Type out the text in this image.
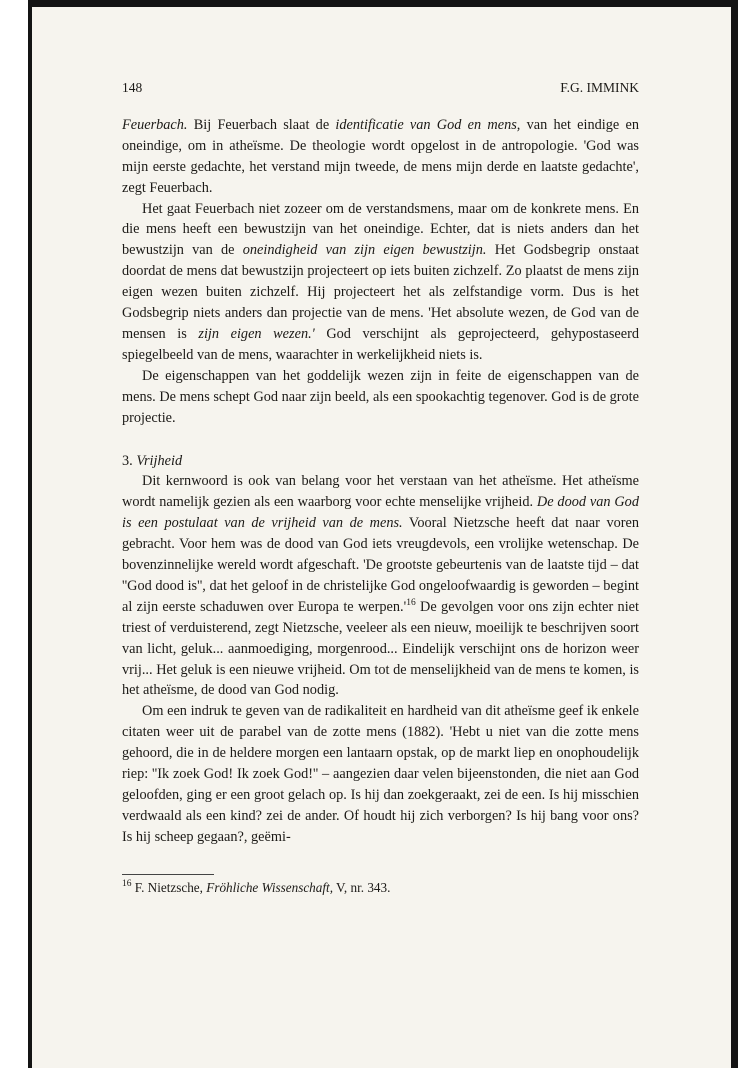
148	F.G. IMMINK

Feuerbach. Bij Feuerbach slaat de identificatie van God en mens, van het eindige en oneindige, om in atheïsme. De theologie wordt opgelost in de antropologie. 'God was mijn eerste gedachte, het verstand mijn tweede, de mens mijn derde en laatste gedachte', zegt Feuerbach.

Het gaat Feuerbach niet zozeer om de verstandsmens, maar om de konkrete mens. En die mens heeft een bewustzijn van het oneindige. Echter, dat is niets anders dan het bewustzijn van de oneindigheid van zijn eigen bewustzijn. Het Godsbegrip onstaat doordat de mens dat bewustzijn projecteert op iets buiten zichzelf. Zo plaatst de mens zijn eigen wezen buiten zichzelf. Hij projecteert het als zelfstandige vorm. Dus is het Godsbegrip niets anders dan projectie van de mens. 'Het absolute wezen, de God van de mensen is zijn eigen wezen.' God verschijnt als geprojecteerd, gehypostaseerd spiegelbeeld van de mens, waarachter in werkelijkheid niets is.

De eigenschappen van het goddelijk wezen zijn in feite de eigenschappen van de mens. De mens schept God naar zijn beeld, als een spookachtig tegenover. God is de grote projectie.

3. Vrijheid

Dit kernwoord is ook van belang voor het verstaan van het atheïsme. Het atheïsme wordt namelijk gezien als een waarborg voor echte menselijke vrijheid. De dood van God is een postulaat van de vrijheid van de mens. Vooral Nietzsche heeft dat naar voren gebracht. Voor hem was de dood van God iets vreugdevols, een vrolijke wetenschap. De bovenzinnelijke wereld wordt afgeschaft. 'De grootste gebeurtenis van de laatste tijd – dat ''God dood is'', dat het geloof in de christelijke God ongeloofwaardig is geworden – begint al zijn eerste schaduwen over Europa te $werpen.'^{16}$ De gevolgen voor ons zijn echter niet triest of verduisterend, zegt Nietzsche, veeleer als een nieuw, moeilijk te beschrijven soort van licht, geluk... aanmoediging, morgenrood... Eindelijk verschijnt ons de horizon weer vrij... Het geluk is een nieuwe vrijheid. Om tot de menselijkheid van de mens te komen, is het atheïsme, de dood van God nodig.

Om een indruk te geven van de radikaliteit en hardheid van dit atheïsme geef ik enkele citaten weer uit de parabel van de zotte mens (1882). 'Hebt u niet van die zotte mens gehoord, die in de heldere morgen een lantaarn opstak, op de markt liep en onophoudelijk riep: ''Ik zoek God! Ik zoek God!'' – aangezien daar velen bijeenstonden, die niet aan God geloofden, ging er een groot gelach op. Is hij dan zoekgeraakt, zei de een. Is hij misschien verdwaald als een kind? zei de ander. Of houdt hij zich verborgen? Is hij bang voor ons? Is hij scheep gegaan?, geëmi-

$^{16}$ F. Nietzsche, Fröhliche Wissenschaft, V, nr. 343.
